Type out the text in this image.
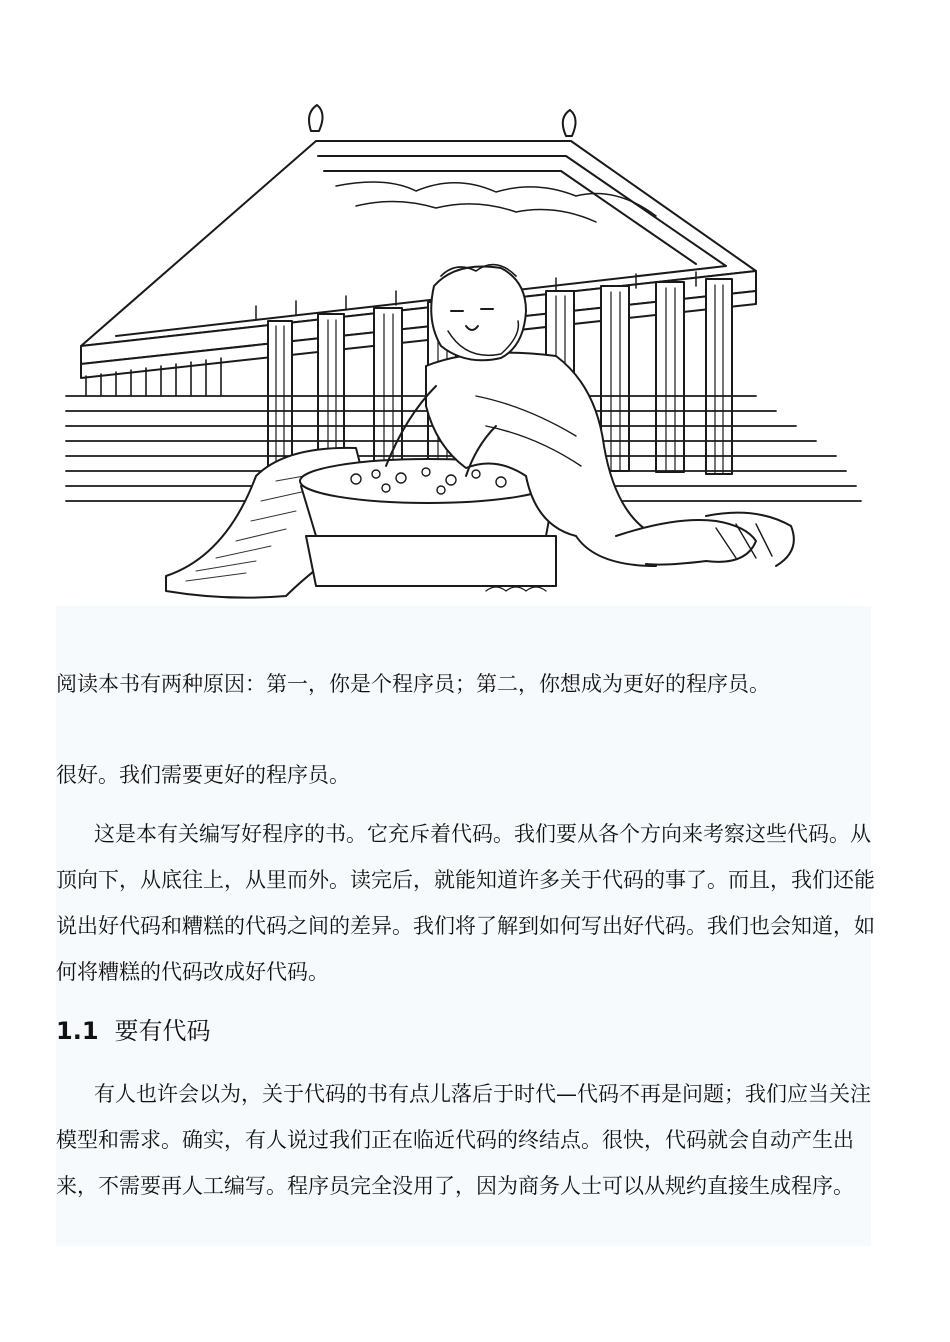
阅读本书有两种原因：第一，你是个程序员；第二，你想成为更好的程序员。

很好。我们需要更好的程序员。

这是本有关编写好程序的书。它充斥着代码。我们要从各个方向来考察这些代码。从顶向下，从底往上，从里而外。读完后，就能知道许多关于代码的事了。而且，我们还能说出好代码和糟糕的代码之间的差异。我们将了解到如何写出好代码。我们也会知道，如何将糟糕的代码改成好代码。

1.1 要有代码

有人也许会以为，关于代码的书有点儿落后于时代—代码不再是问题；我们应当关注模型和需求。确实，有人说过我们正在临近代码的终结点。很快，代码就会自动产生出来，不需要再人工编写。程序员完全没用了，因为商务人士可以从规约直接生成程序。
